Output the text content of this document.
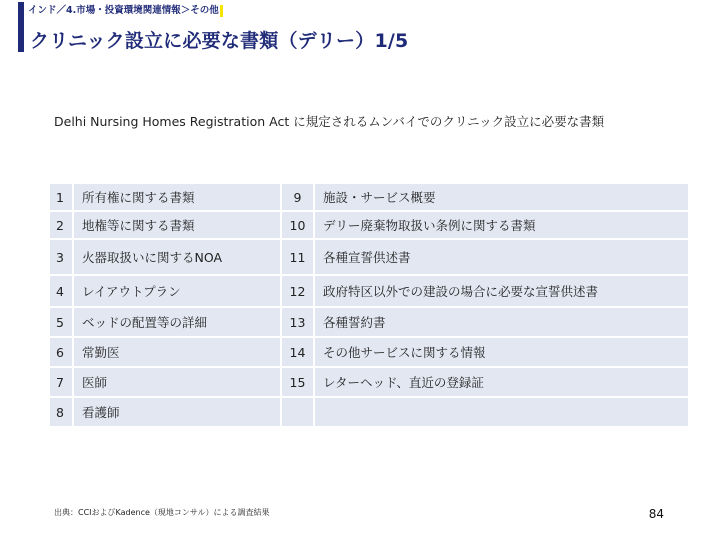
インド／4.市場・投資環境関連情報＞その他
クリニック設立に必要な書類（デリー）1/5
Delhi Nursing Homes Registration Act に規定されるムンバイでのクリニック設立に必要な書類
1	所有権に関する書類	9	施設・サービス概要
2	地権等に関する書類	10	デリー廃棄物取扱い条例に関する書類
3	火器取扱いに関するNOA	11	各種宣誓供述書
4	レイアウトプラン	12	政府特区以外での建設の場合に必要な宣誓供述書
5	ベッドの配置等の詳細	13	各種誓約書
6	常勤医	14	その他サービスに関する情報
7	医師	15	レターヘッド、直近の登録証
8	看護師		
出典：CCIおよびKadence（現地コンサル）による調査結果	84
